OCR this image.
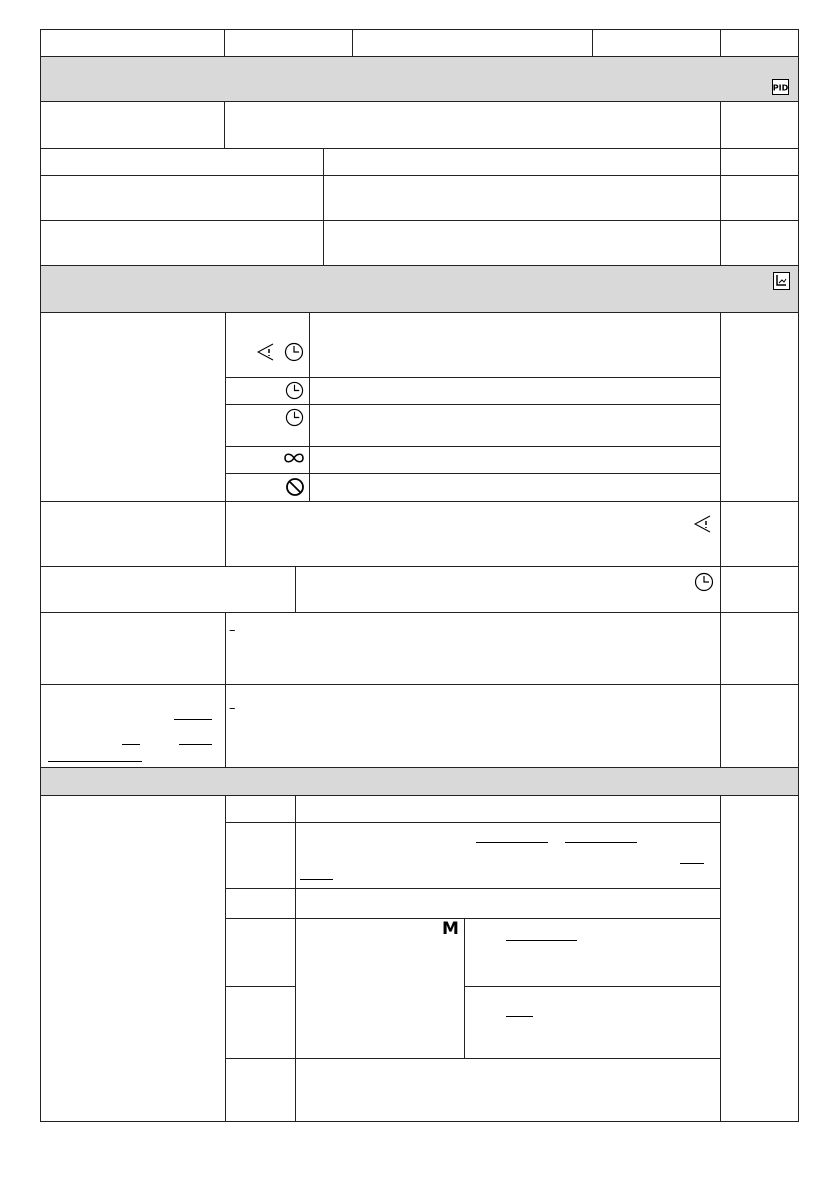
PID
–
–
M
